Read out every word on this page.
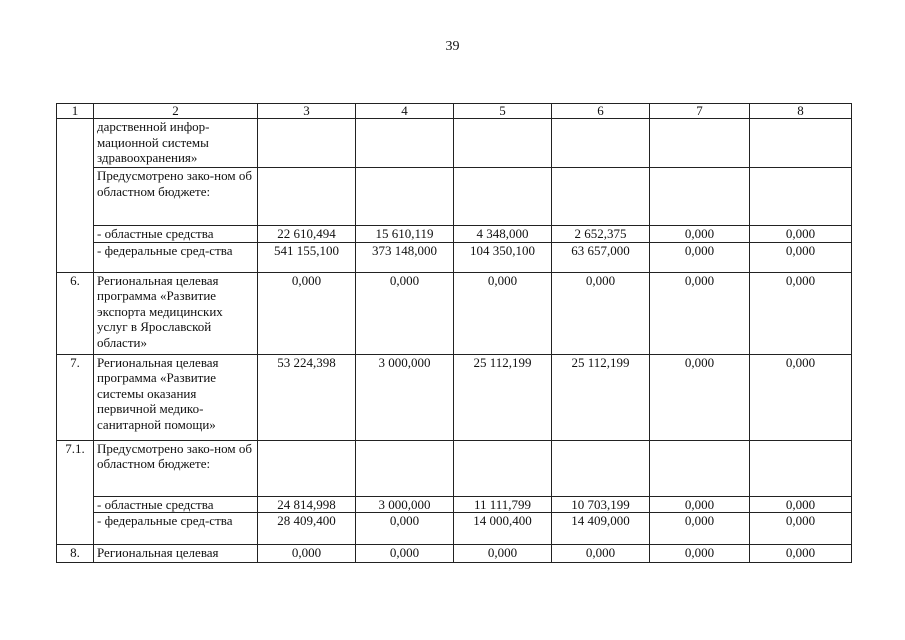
39
1	2	3	4	5	6	7	8
	дарственной инфор-мационной системы здравоохранения»						
	Предусмотрено зако-ном об областном бюджете:						
	- областные средства	22 610,494	15 610,119	4 348,000	2 652,375	0,000	0,000
	- федеральные сред-ства	541 155,100	373 148,000	104 350,100	63 657,000	0,000	0,000
6.	Региональная целевая программа «Развитие экспорта медицинских услуг в Ярославской области»	0,000	0,000	0,000	0,000	0,000	0,000
7.	Региональная целевая программа «Развитие системы оказания первичной медико-санитарной помощи»	53 224,398	3 000,000	25 112,199	25 112,199	0,000	0,000
7.1.	Предусмотрено зако-ном об областном бюджете:						
	- областные средства	24 814,998	3 000,000	11 111,799	10 703,199	0,000	0,000
	- федеральные сред-ства	28 409,400	0,000	14 000,400	14 409,000	0,000	0,000
8.	Региональная целевая	0,000	0,000	0,000	0,000	0,000	0,000
